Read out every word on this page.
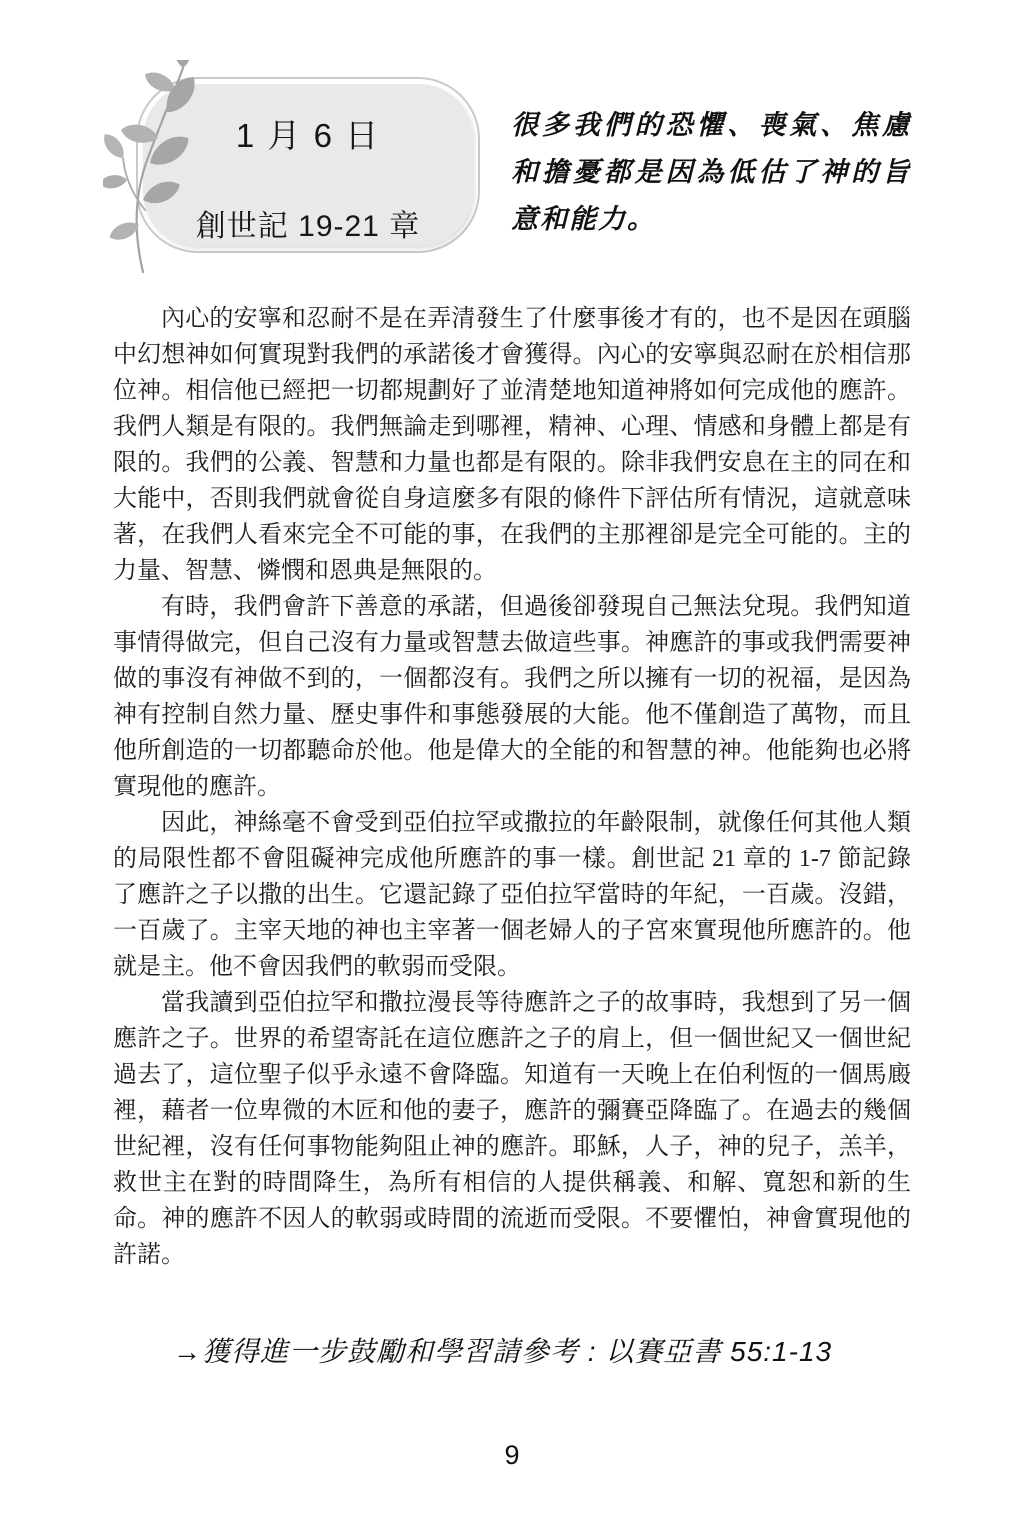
1 月 6 日
創世記 19-21 章
很多我們的恐懼、喪氣、焦慮和擔憂都是因為低估了神的旨意和能力。

內心的安寧和忍耐不是在弄清發生了什麼事後才有的，也不是因在頭腦中幻想神如何實現對我們的承諾後才會獲得。內心的安寧與忍耐在於相信那位神。相信他已經把一切都規劃好了並清楚地知道神將如何完成他的應許。我們人類是有限的。我們無論走到哪裡，精神、心理、情感和身體上都是有限的。我們的公義、智慧和力量也都是有限的。除非我們安息在主的同在和大能中，否則我們就會從自身這麼多有限的條件下評估所有情況，這就意味著，在我們人看來完全不可能的事，在我們的主那裡卻是完全可能的。主的力量、智慧、憐憫和恩典是無限的。

有時，我們會許下善意的承諾，但過後卻發現自己無法兌現。我們知道事情得做完，但自己沒有力量或智慧去做這些事。神應許的事或我們需要神做的事沒有神做不到的，一個都沒有。我們之所以擁有一切的祝福，是因為神有控制自然力量、歷史事件和事態發展的大能。他不僅創造了萬物，而且他所創造的一切都聽命於他。他是偉大的全能的和智慧的神。他能夠也必將實現他的應許。

因此，神絲毫不會受到亞伯拉罕或撒拉的年齡限制，就像任何其他人類的局限性都不會阻礙神完成他所應許的事一樣。創世記 21 章的 1-7 節記錄了應許之子以撒的出生。它還記錄了亞伯拉罕當時的年紀，一百歲。沒錯，一百歲了。主宰天地的神也主宰著一個老婦人的子宮來實現他所應許的。他就是主。他不會因我們的軟弱而受限。

當我讀到亞伯拉罕和撒拉漫長等待應許之子的故事時，我想到了另一個應許之子。世界的希望寄託在這位應許之子的肩上，但一個世紀又一個世紀過去了，這位聖子似乎永遠不會降臨。知道有一天晚上在伯利恆的一個馬廄裡，藉者一位卑微的木匠和他的妻子，應許的彌賽亞降臨了。在過去的幾個世紀裡，沒有任何事物能夠阻止神的應許。耶穌，人子，神的兒子，羔羊，救世主在對的時間降生，為所有相信的人提供稱義、和解、寬恕和新的生命。神的應許不因人的軟弱或時間的流逝而受限。不要懼怕，神會實現他的許諾。

→獲得進一步鼓勵和學習請參考 : 以賽亞書 55:1-13
9
